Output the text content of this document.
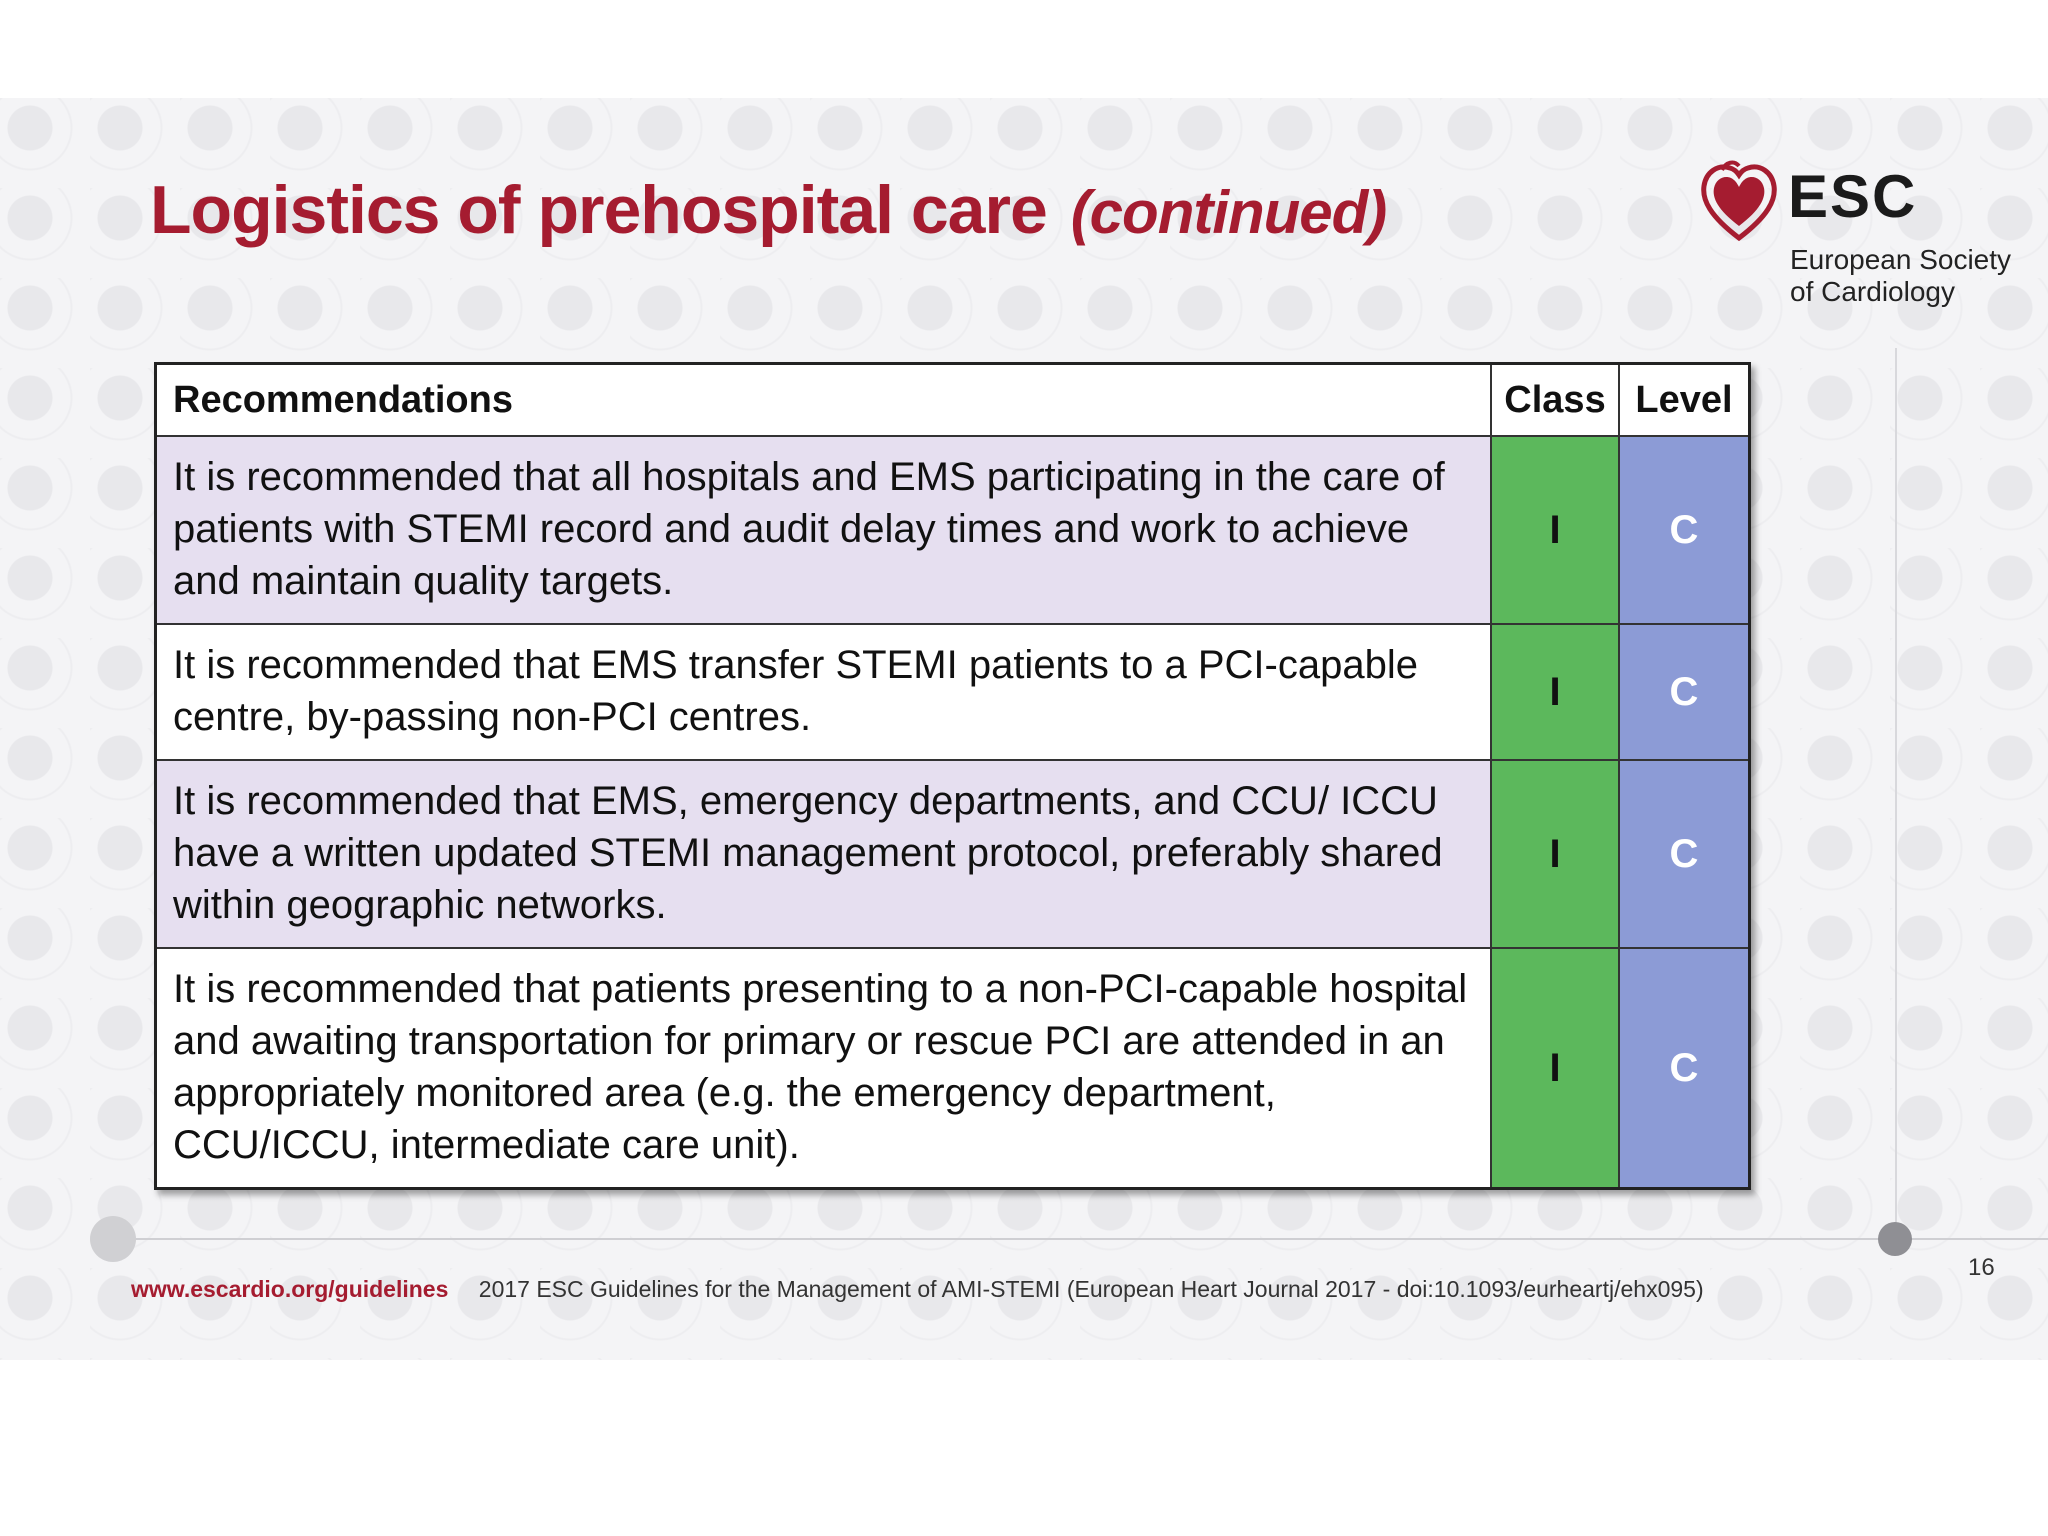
Logistics of prehospital care (continued)	ESC
European Society
of Cardiology
Recommendations	Class	Level
It is recommended that all hospitals and EMS participating in the care of patients with STEMI record and audit delay times and work to achieve and maintain quality targets.	I	C
It is recommended that EMS transfer STEMI patients to a PCI-capable centre, by-passing non-PCI centres.	I	C
It is recommended that EMS, emergency departments, and CCU/ ICCU have a written updated STEMI management protocol, preferably shared within geographic networks.	I	C
It is recommended that patients presenting to a non-PCI-capable hospital and awaiting transportation for primary or rescue PCI are attended in an appropriately monitored area (e.g. the emergency department, CCU/ICCU, intermediate care unit).	I	C
www.escardio.org/guidelines 2017 ESC Guidelines for the Management of AMI-STEMI (European Heart Journal 2017 - doi:10.1093/eurheartj/ehx095)
16
